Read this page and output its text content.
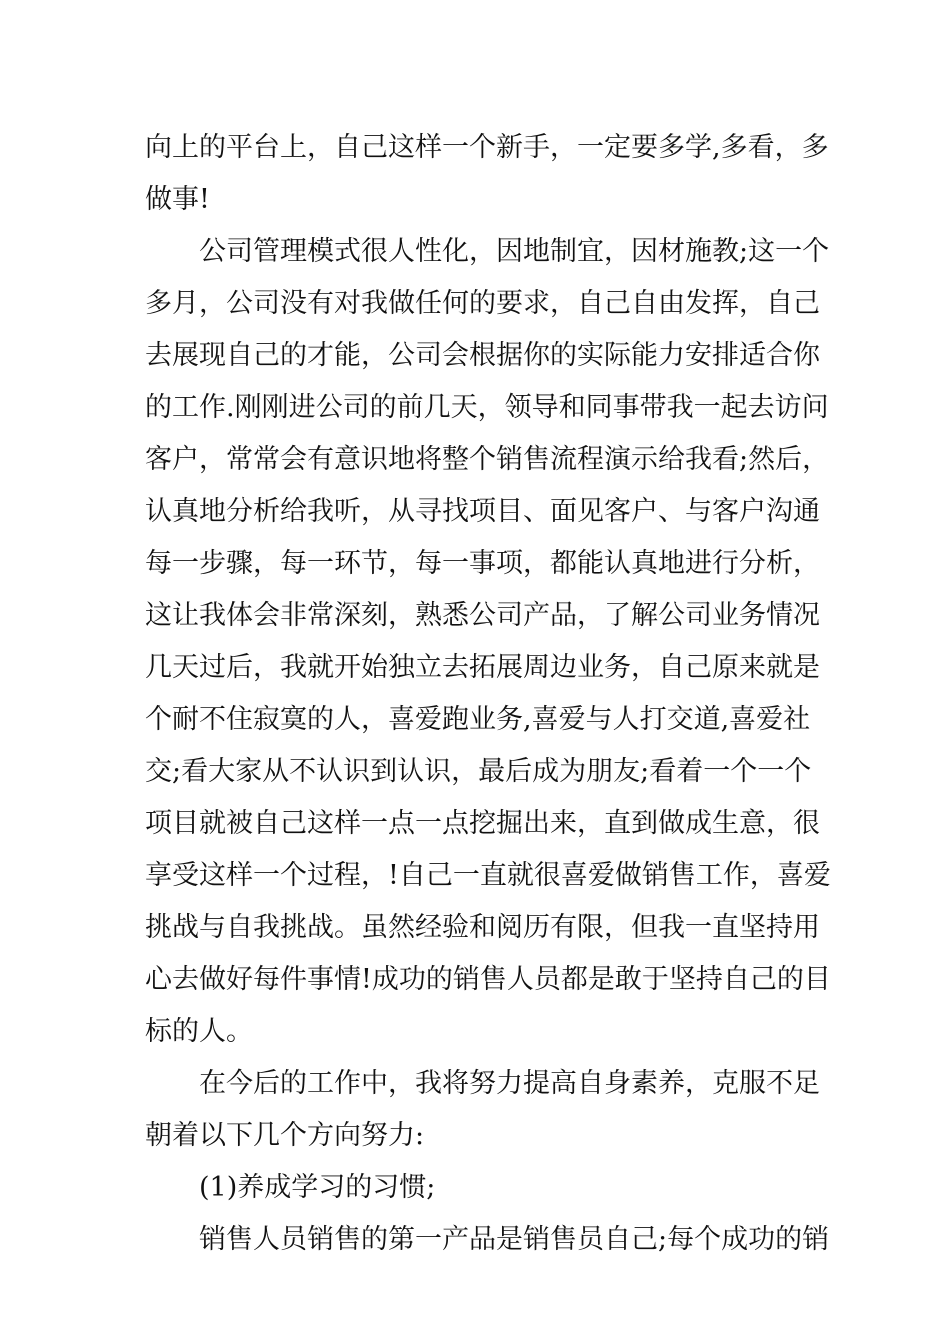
向上的平台上，自己这样一个新手，一定要多学,多看，多
做事!
公司管理模式很人性化，因地制宜，因材施教;这一个
多月，公司没有对我做任何的要求，自己自由发挥，自己
去展现自己的才能，公司会根据你的实际能力安排适合你
的工作.刚刚进公司的前几天，领导和同事带我一起去访问
客户，常常会有意识地将整个销售流程演示给我看;然后，
认真地分析给我听，从寻找项目、面见客户、与客户沟通
每一步骤，每一环节，每一事项，都能认真地进行分析，
这让我体会非常深刻，熟悉公司产品，了解公司业务情况
几天过后，我就开始独立去拓展周边业务，自己原来就是
个耐不住寂寞的人，喜爱跑业务,喜爱与人打交道,喜爱社
交;看大家从不认识到认识，最后成为朋友;看着一个一个
项目就被自己这样一点一点挖掘出来，直到做成生意，很
享受这样一个过程，!自己一直就很喜爱做销售工作，喜爱
挑战与自我挑战。虽然经验和阅历有限，但我一直坚持用
心去做好每件事情!成功的销售人员都是敢于坚持自己的目
标的人。
在今后的工作中，我将努力提高自身素养，克服不足
朝着以下几个方向努力:
(1)养成学习的习惯;
销售人员销售的第一产品是销售员自己;每个成功的销
